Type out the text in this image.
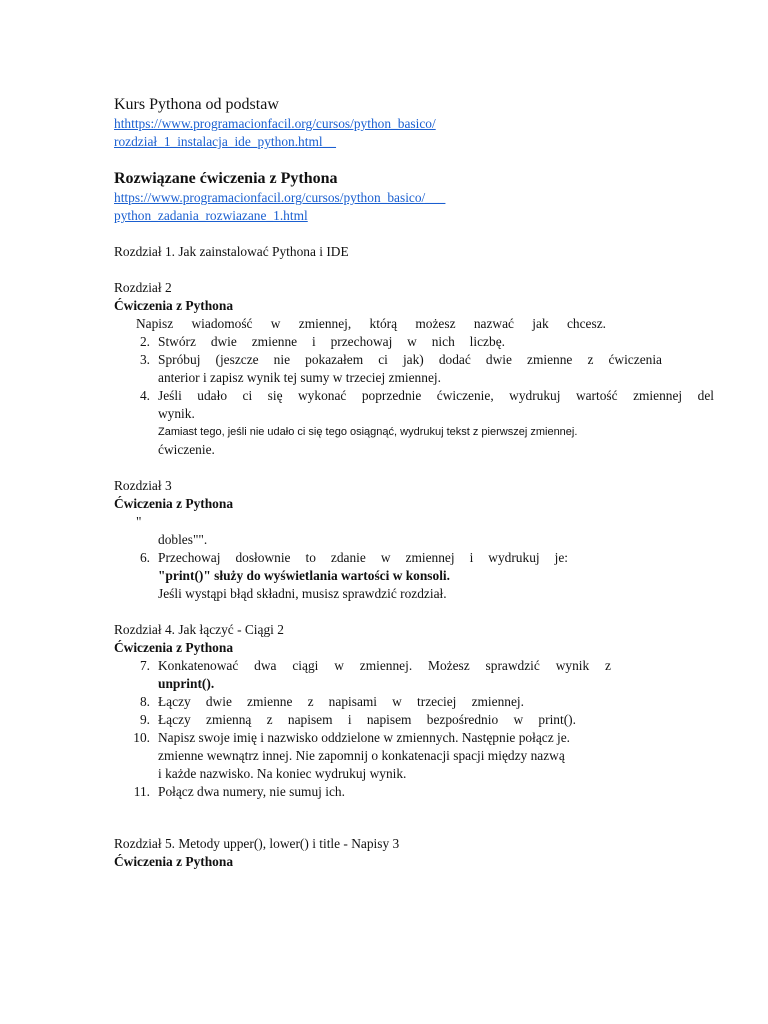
Kurs Pythona od podstaw
hthttps://www.programacionfacil.org/cursos/python_basico/
rozdział_1_instalacja_ide_python.html__
Rozwiązane ćwiczenia z Pythona
https://www.programacionfacil.org/cursos/python_basico/___
python_zadania_rozwiazane_1.html
Rozdział 1. Jak zainstalować Pythona i IDE
Rozdział 2
Ćwiczenia z Pythona
Napisz wiadomość w zmiennej, którą możesz nazwać jak chcesz.
2. Stwórz dwie zmienne i przechowaj w nich liczbę.
3. Spróbuj (jeszcze nie pokazałem ci jak) dodać dwie zmienne z ćwiczenia
anterior i zapisz wynik tej sumy w trzeciej zmiennej.
4. Jeśli udało ci się wykonać poprzednie ćwiczenie, wydrukuj wartość zmiennej del
wynik.
Zamiast tego, jeśli nie udało ci się tego osiągnąć, wydrukuj tekst z pierwszej zmiennej.
ćwiczenie.
Rozdział 3
Ćwiczenia z Pythona
"
dobles"".
6. Przechowaj dosłownie to zdanie w zmiennej i wydrukuj je:
"print()" służy do wyświetlania wartości w konsoli.
Jeśli wystąpi błąd składni, musisz sprawdzić rozdział.
Rozdział 4. Jak łączyć - Ciągi 2
Ćwiczenia z Pythona
7. Konkatenować dwa ciągi w zmiennej. Możesz sprawdzić wynik z
unprint().
8. Łączy dwie zmienne z napisami w trzeciej zmiennej.
9. Łączy zmienną z napisem i napisem bezpośrednio w print().
10. Napisz swoje imię i nazwisko oddzielone w zmiennych. Następnie połącz je.
zmienne wewnątrz innej. Nie zapomnij o konkatenacji spacji między nazwą
i każde nazwisko. Na koniec wydrukuj wynik.
11. Połącz dwa numery, nie sumuj ich.
Rozdział 5. Metody upper(), lower() i title - Napisy 3
Ćwiczenia z Pythona
